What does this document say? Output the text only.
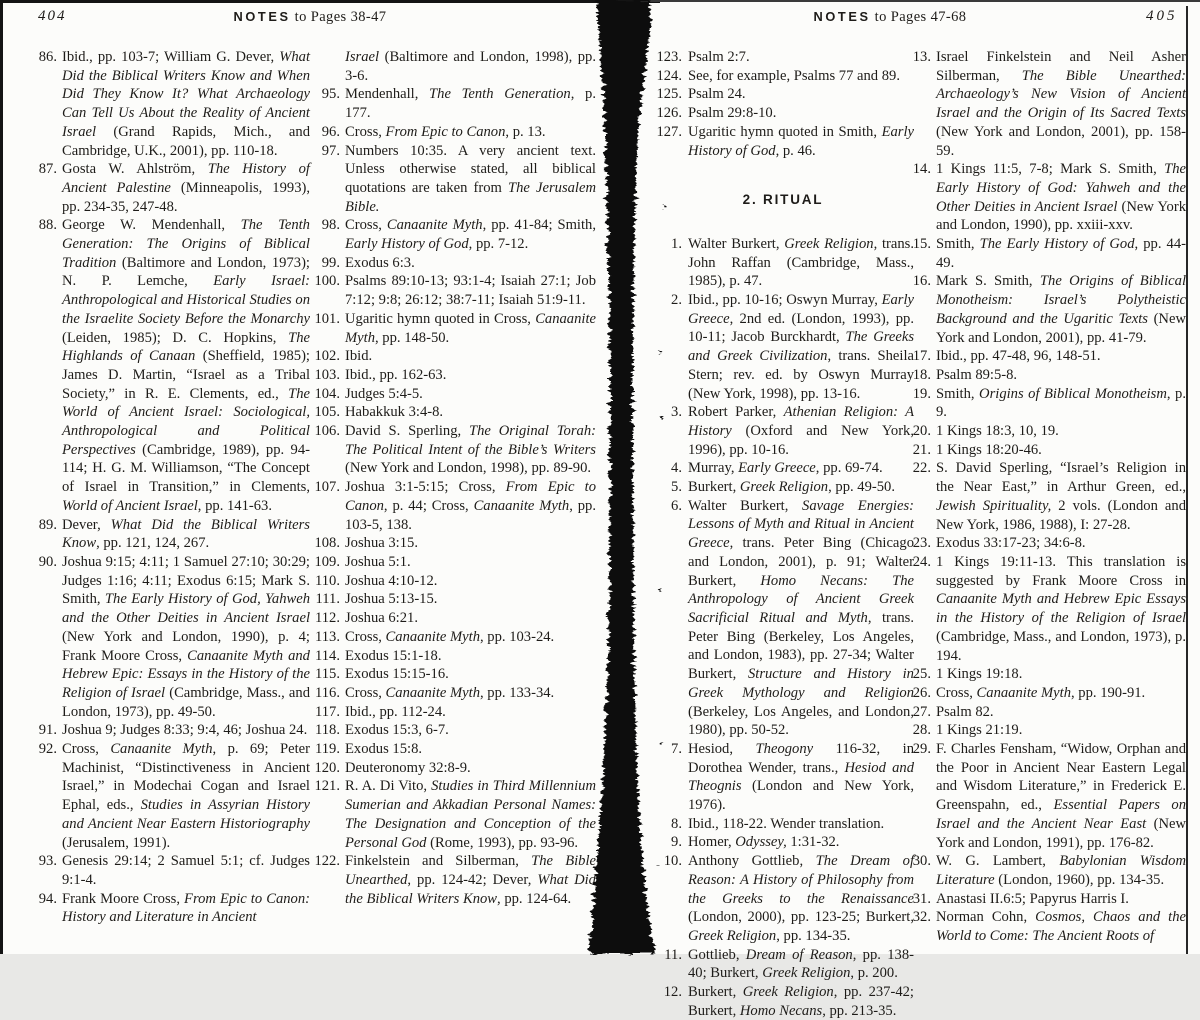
404	NOTES to Pages 38-47
86. Ibid., pp. 103-7; William G. Dever, What Did the Biblical Writers Know and When Did They Know It? What Archaeology Can Tell Us About the Reality of Ancient Israel (Grand Rapids, Mich., and Cambridge, U.K., 2001), pp. 110-18.
87. Gosta W. Ahlström, The History of Ancient Palestine (Minneapolis, 1993), pp. 234-35, 247-48.
88. George W. Mendenhall, The Tenth Generation: The Origins of Biblical Tradition (Baltimore and London, 1973); N. P. Lemche, Early Israel: Anthropological and Historical Studies on the Israelite Society Before the Monarchy (Leiden, 1985); D. C. Hopkins, The Highlands of Canaan (Sheffield, 1985); James D. Martin, “Israel as a Tribal Society,” in R. E. Clements, ed., The World of Ancient Israel: Sociological, Anthropological and Political Perspectives (Cambridge, 1989), pp. 94-114; H. G. M. Williamson, “The Concept of Israel in Transition,” in Clements, World of Ancient Israel, pp. 141-63.
89. Dever, What Did the Biblical Writers Know, pp. 121, 124, 267.
90. Joshua 9:15; 4:11; 1 Samuel 27:10; 30:29; Judges 1:16; 4:11; Exodus 6:15; Mark S. Smith, The Early History of God, Yahweh and the Other Deities in Ancient Israel (New York and London, 1990), p. 4; Frank Moore Cross, Canaanite Myth and Hebrew Epic: Essays in the History of the Religion of Israel (Cambridge, Mass., and London, 1973), pp. 49-50.
91. Joshua 9; Judges 8:33; 9:4, 46; Joshua 24.
92. Cross, Canaanite Myth, p. 69; Peter Machinist, “Distinctiveness in Ancient Israel,” in Modechai Cogan and Israel Ephal, eds., Studies in Assyrian History and Ancient Near Eastern Historiography (Jerusalem, 1991).
93. Genesis 29:14; 2 Samuel 5:1; cf. Judges 9:1-4.
94. Frank Moore Cross, From Epic to Canon: History and Literature in Ancient
Israel (Baltimore and London, 1998), pp. 3-6.
95. Mendenhall, The Tenth Generation, p. 177.
96. Cross, From Epic to Canon, p. 13.
97. Numbers 10:35. A very ancient text. Unless otherwise stated, all biblical quotations are taken from The Jerusalem Bible.
98. Cross, Canaanite Myth, pp. 41-84; Smith, Early History of God, pp. 7-12.
99. Exodus 6:3.
100. Psalms 89:10-13; 93:1-4; Isaiah 27:1; Job 7:12; 9:8; 26:12; 38:7-11; Isaiah 51:9-11.
101. Ugaritic hymn quoted in Cross, Canaanite Myth, pp. 148-50.
102. Ibid.
103. Ibid., pp. 162-63.
104. Judges 5:4-5.
105. Habakkuk 3:4-8.
106. David S. Sperling, The Original Torah: The Political Intent of the Bible’s Writers (New York and London, 1998), pp. 89-90.
107. Joshua 3:1-5:15; Cross, From Epic to Canon, p. 44; Cross, Canaanite Myth, pp. 103-5, 138.
108. Joshua 3:15.
109. Joshua 5:1.
110. Joshua 4:10-12.
111. Joshua 5:13-15.
112. Joshua 6:21.
113. Cross, Canaanite Myth, pp. 103-24.
114. Exodus 15:1-18.
115. Exodus 15:15-16.
116. Cross, Canaanite Myth, pp. 133-34.
117. Ibid., pp. 112-24.
118. Exodus 15:3, 6-7.
119. Exodus 15:8.
120. Deuteronomy 32:8-9.
121. R. A. Di Vito, Studies in Third Millennium Sumerian and Akkadian Personal Names: The Designation and Conception of the Personal God (Rome, 1993), pp. 93-96.
122. Finkelstein and Silberman, The Bible Unearthed, pp. 124-42; Dever, What Did the Biblical Writers Know, pp. 124-64.
405
NOTES to Pages 47-68
123. Psalm 2:7.
124. See, for example, Psalms 77 and 89.
125. Psalm 24.
126. Psalm 29:8-10.
127. Ugaritic hymn quoted in Smith, Early History of God, p. 46.
2. RITUAL
1. Walter Burkert, Greek Religion, trans. John Raffan (Cambridge, Mass., 1985), p. 47.
2. Ibid., pp. 10-16; Oswyn Murray, Early Greece, 2nd ed. (London, 1993), pp. 10-11; Jacob Burckhardt, The Greeks and Greek Civilization, trans. Sheila Stern; rev. ed. by Oswyn Murray (New York, 1998), pp. 13-16.
3. Robert Parker, Athenian Religion: A History (Oxford and New York, 1996), pp. 10-16.
4. Murray, Early Greece, pp. 69-74.
5. Burkert, Greek Religion, pp. 49-50.
6. Walter Burkert, Savage Energies: Lessons of Myth and Ritual in Ancient Greece, trans. Peter Bing (Chicago and London, 2001), p. 91; Walter Burkert, Homo Necans: The Anthropology of Ancient Greek Sacrificial Ritual and Myth, trans. Peter Bing (Berkeley, Los Angeles, and London, 1983), pp. 27-34; Walter Burkert, Structure and History in Greek Mythology and Religion (Berkeley, Los Angeles, and London, 1980), pp. 50-52.
7. Hesiod, Theogony 116-32, in Dorothea Wender, trans., Hesiod and Theognis (London and New York, 1976).
8. Ibid., 118-22. Wender translation.
9. Homer, Odyssey, 1:31-32.
10. Anthony Gottlieb, The Dream of Reason: A History of Philosophy from the Greeks to the Renaissance (London, 2000), pp. 123-25; Burkert, Greek Religion, pp. 134-35.
11. Gottlieb, Dream of Reason, pp. 138-40; Burkert, Greek Religion, p. 200.
12. Burkert, Greek Religion, pp. 237-42; Burkert, Homo Necans, pp. 213-35.
13. Israel Finkelstein and Neil Asher Silberman, The Bible Unearthed: Archaeology’s New Vision of Ancient Israel and the Origin of Its Sacred Texts (New York and London, 2001), pp. 158-59.
14. 1 Kings 11:5, 7-8; Mark S. Smith, The Early History of God: Yahweh and the Other Deities in Ancient Israel (New York and London, 1990), pp. xxiii-xxv.
15. Smith, The Early History of God, pp. 44-49.
16. Mark S. Smith, The Origins of Biblical Monotheism: Israel’s Polytheistic Background and the Ugaritic Texts (New York and London, 2001), pp. 41-79.
17. Ibid., pp. 47-48, 96, 148-51.
18. Psalm 89:5-8.
19. Smith, Origins of Biblical Monotheism, p. 9.
20. 1 Kings 18:3, 10, 19.
21. 1 Kings 18:20-46.
22. S. David Sperling, “Israel’s Religion in the Near East,” in Arthur Green, ed., Jewish Spirituality, 2 vols. (London and New York, 1986, 1988), I: 27-28.
23. Exodus 33:17-23; 34:6-8.
24. 1 Kings 19:11-13. This translation is suggested by Frank Moore Cross in Canaanite Myth and Hebrew Epic Essays in the History of the Religion of Israel (Cambridge, Mass., and London, 1973), p. 194.
25. 1 Kings 19:18.
26. Cross, Canaanite Myth, pp. 190-91.
27. Psalm 82.
28. 1 Kings 21:19.
29. F. Charles Fensham, “Widow, Orphan and the Poor in Ancient Near Eastern Legal and Wisdom Literature,” in Frederick E. Greenspahn, ed., Essential Papers on Israel and the Ancient Near East (New York and London, 1991), pp. 176-82.
30. W. G. Lambert, Babylonian Wisdom Literature (London, 1960), pp. 134-35.
31. Anastasi II.6:5; Papyrus Harris I.
32. Norman Cohn, Cosmos, Chaos and the World to Come: The Ancient Roots of
